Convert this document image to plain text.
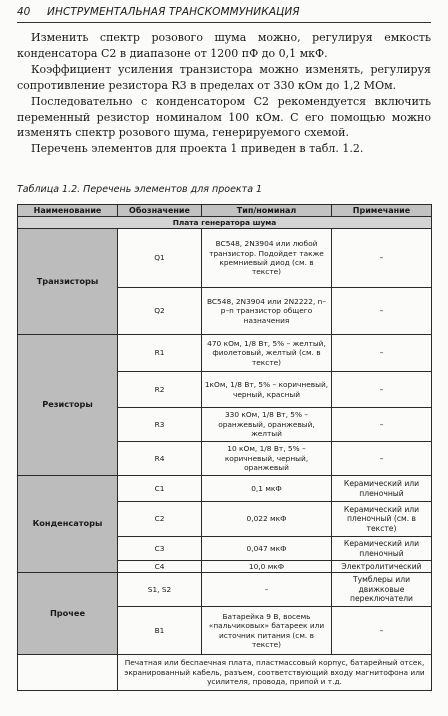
40 ИНСТРУМЕНТАЛЬНАЯ ТРАНСКОММУНИКАЦИЯ

Изменить спектр розового шума можно, регулируя емкость конденсатора С2 в диапазоне от 1200 пФ до 0,1 мкФ.

Коэффициент усиления транзистора можно изменять, регулируя сопротивление резистора R3 в пределах от 330 кОм до 1,2 МОм.

Последовательно с конденсатором С2 рекомендуется включить переменный резистор номиналом 100 кОм. С его помощью можно изменять спектр розового шума, генерируемого схемой.

Перечень элементов для проекта 1 приведен в табл. 1.2.

Таблица 1.2. Перечень элементов для проекта 1
Наименование	Обозначение	Тип/номинал	Примечание
Плата генератора шума			
Транзисторы	Q1	BC548, 2N3904 или любой транзистор. Подойдет также кремниевый диод (см. в тексте)	–
	Q2	BC548, 2N3904 или 2N2222, n–p–n транзистор общего назначения	–
Резисторы	R1	470 кОм, 1/8 Вт, 5% – желтый, фиолетовый, желтый (см. в тексте)	–
	R2	1кОм, 1/8 Вт, 5% – коричневый, черный, красный	–
	R3	330 кОм, 1/8 Вт, 5% – оранжевый, оранжевый, желтый	–
	R4	10 кОм, 1/8 Вт, 5% – коричневый, черный, оранжевый	–
Конденсаторы	C1	0,1 мкФ	Керамический или пленочный
	C2	0,022 мкФ	Керамический или пленочный (см. в тексте)
	C3	0,047 мкФ	Керамический или пленочный
	C4	10,0 мкФ	Электролитический
Прочее	S1, S2	–	Тумблеры или движковые переключатели
	B1	Батарейка 9 В, восемь «пальчиковых» батареек или источник питания (см. в тексте)	–
	Печатная или беспаечная плата, пластмассовый корпус, батарейный отсек, экранированный кабель, разъем, соответствующий входу магнитофона или усилителя, провода, припой и т.д.		
